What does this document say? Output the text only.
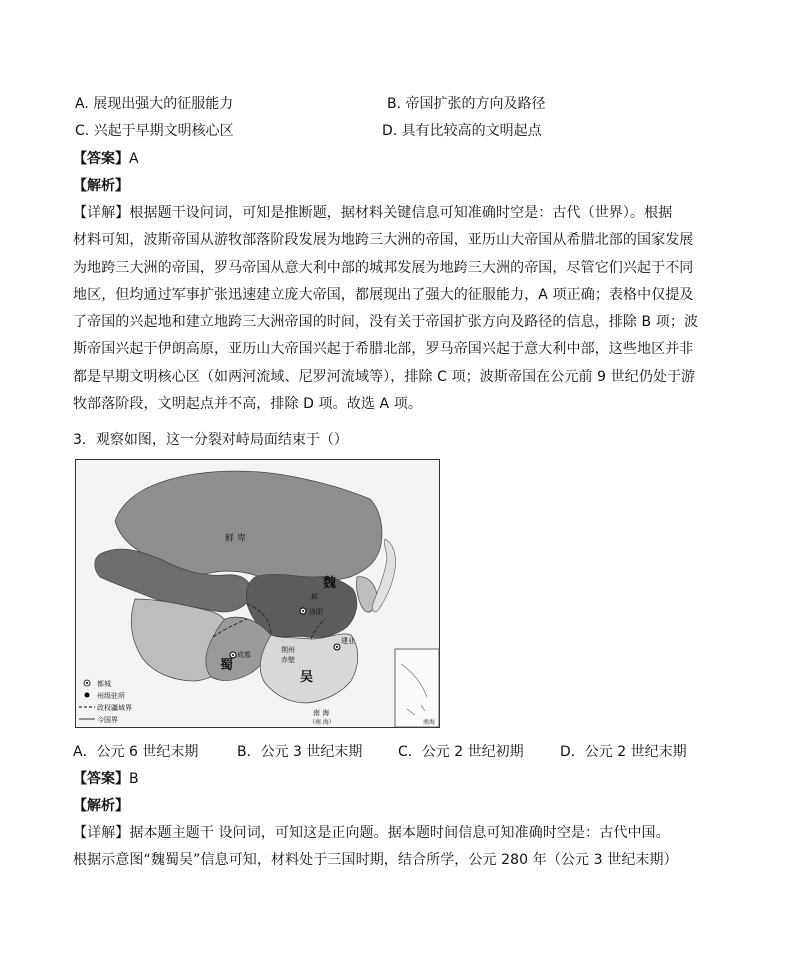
A. 展现出强大的征服能力	B. 帝国扩张的方向及路径
C. 兴起于早期文明核心区	D. 具有比较高的文明起点
【答案】A
【解析】
【详解】根据题干设问词，可知是推断题，据材料关键信息可知准确时空是：古代（世界）。根据
材料可知，波斯帝国从游牧部落阶段发展为地跨三大洲的帝国，亚历山大帝国从希腊北部的国家发展
为地跨三大洲的帝国，罗马帝国从意大利中部的城邦发展为地跨三大洲的帝国，尽管它们兴起于不同
地区，但均通过军事扩张迅速建立庞大帝国，都展现出了强大的征服能力，A 项正确；表格中仅提及
了帝国的兴起地和建立地跨三大洲帝国的时间，没有关于帝国扩张方向及路径的信息，排除 B 项；波
斯帝国兴起于伊朗高原，亚历山大帝国兴起于希腊北部，罗马帝国兴起于意大利中部，这些地区并非
都是早期文明核心区（如两河流域、尼罗河流域等），排除 C 项；波斯帝国在公元前 9 世纪仍处于游
牧部落阶段，文明起点并不高，排除 D 项。故选 A 项。
3．观察如图，这一分裂对峙局面结束于（）
魏
蜀
吴
鲜 卑
洛阳
邺
成都
建业
赤壁
荆州
南 海
（南 海）	南海
都城
州级驻所
政权疆域界
今国界
A．公元 6 世纪末期	B．公元 3 世纪末期	C．公元 2 世纪初期	D．公元 2 世纪末期
【答案】B
【解析】
【详解】据本题主题干 设问词，可知这是正向题。据本题时间信息可知准确时空是：古代中国。
根据示意图“魏蜀吴”信息可知，材料处于三国时期，结合所学，公元 280 年（公元 3 世纪末期）
